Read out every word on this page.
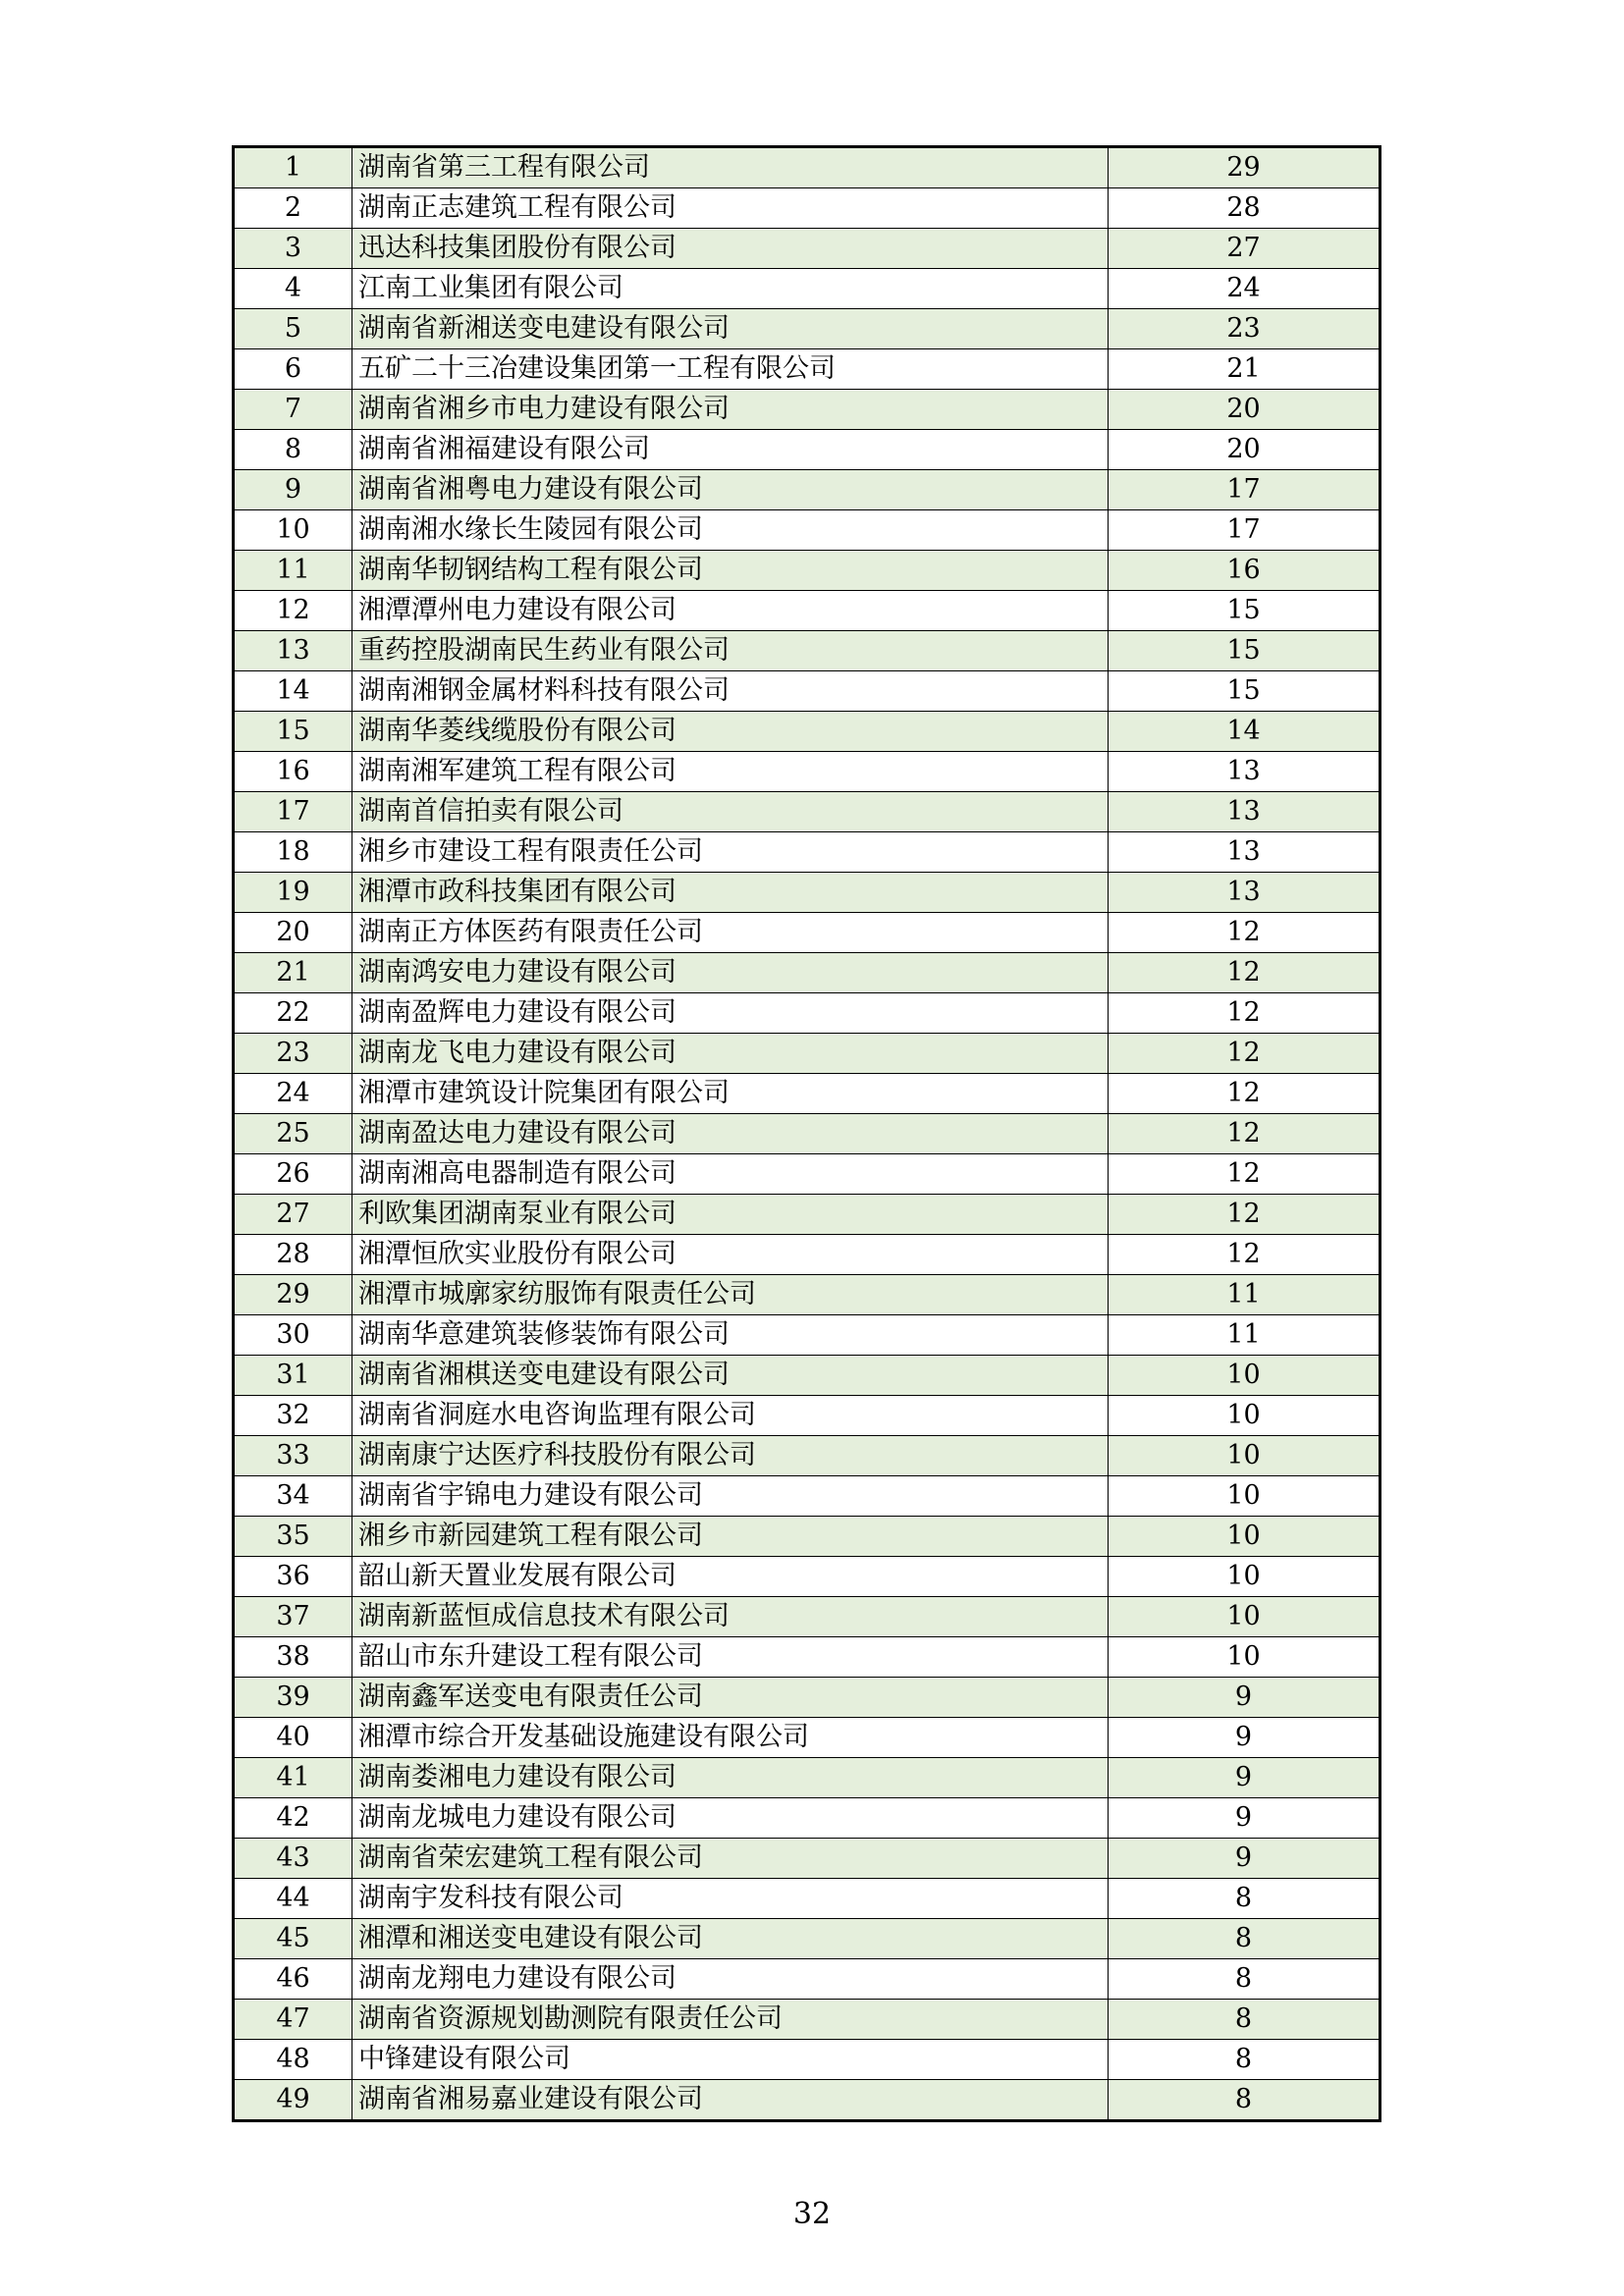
1	湖南省第三工程有限公司	29
2	湖南正志建筑工程有限公司	28
3	迅达科技集团股份有限公司	27
4	江南工业集团有限公司	24
5	湖南省新湘送变电建设有限公司	23
6	五矿二十三冶建设集团第一工程有限公司	21
7	湖南省湘乡市电力建设有限公司	20
8	湖南省湘福建设有限公司	20
9	湖南省湘粤电力建设有限公司	17
10	湖南湘水缘长生陵园有限公司	17
11	湖南华韧钢结构工程有限公司	16
12	湘潭潭州电力建设有限公司	15
13	重药控股湖南民生药业有限公司	15
14	湖南湘钢金属材料科技有限公司	15
15	湖南华菱线缆股份有限公司	14
16	湖南湘军建筑工程有限公司	13
17	湖南首信拍卖有限公司	13
18	湘乡市建设工程有限责任公司	13
19	湘潭市政科技集团有限公司	13
20	湖南正方体医药有限责任公司	12
21	湖南鸿安电力建设有限公司	12
22	湖南盈辉电力建设有限公司	12
23	湖南龙飞电力建设有限公司	12
24	湘潭市建筑设计院集团有限公司	12
25	湖南盈达电力建设有限公司	12
26	湖南湘高电器制造有限公司	12
27	利欧集团湖南泵业有限公司	12
28	湘潭恒欣实业股份有限公司	12
29	湘潭市城廓家纺服饰有限责任公司	11
30	湖南华意建筑装修装饰有限公司	11
31	湖南省湘棋送变电建设有限公司	10
32	湖南省洞庭水电咨询监理有限公司	10
33	湖南康宁达医疗科技股份有限公司	10
34	湖南省宇锦电力建设有限公司	10
35	湘乡市新园建筑工程有限公司	10
36	韶山新天置业发展有限公司	10
37	湖南新蓝恒成信息技术有限公司	10
38	韶山市东升建设工程有限公司	10
39	湖南鑫军送变电有限责任公司	9
40	湘潭市综合开发基础设施建设有限公司	9
41	湖南娄湘电力建设有限公司	9
42	湖南龙城电力建设有限公司	9
43	湖南省荣宏建筑工程有限公司	9
44	湖南宇发科技有限公司	8
45	湘潭和湘送变电建设有限公司	8
46	湖南龙翔电力建设有限公司	8
47	湖南省资源规划勘测院有限责任公司	8
48	中锋建设有限公司	8
49	湖南省湘易嘉业建设有限公司	8
32
